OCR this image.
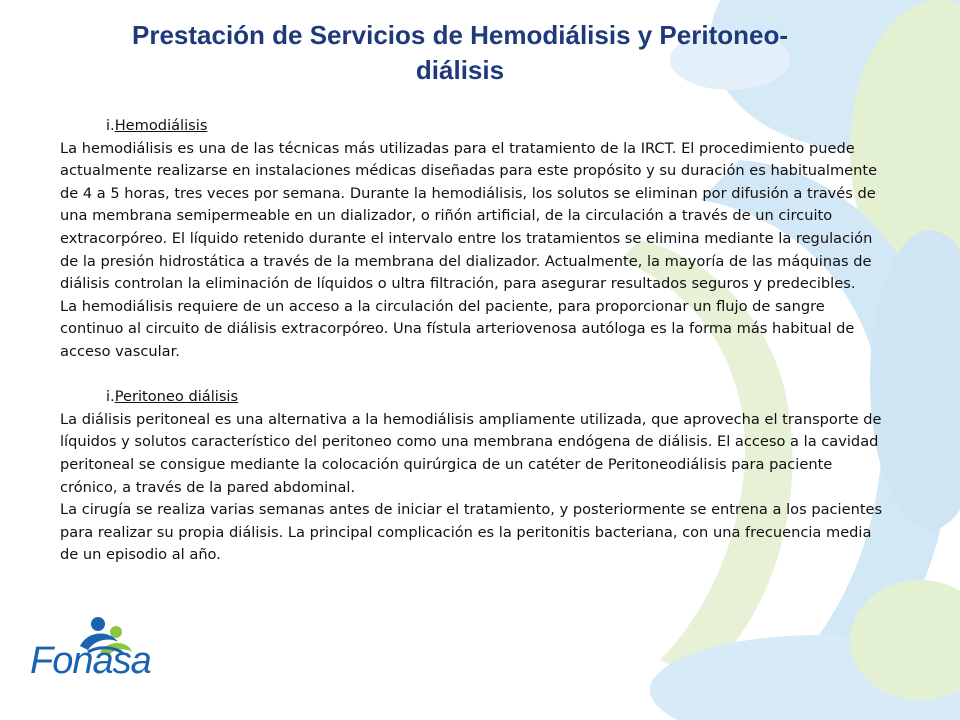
Prestación de Servicios de Hemodiálisis y Peritoneo-diálisis

i.Hemodiálisis

La hemodiálisis es una de las técnicas más utilizadas para el tratamiento de la IRCT. El procedimiento puede actualmente realizarse en instalaciones médicas diseñadas para este propósito y su duración es habitualmente de 4 a 5 horas, tres veces por semana. Durante la hemodiálisis, los solutos se eliminan por difusión a través de una membrana semipermeable en un dializador, o riñón artificial, de la circulación a través de un circuito extracorpóreo. El líquido retenido durante el intervalo entre los tratamientos se elimina mediante la regulación de la presión hidrostática a través de la membrana del dializador. Actualmente, la mayoría de las máquinas de diálisis controlan la eliminación de líquidos o ultra filtración, para asegurar resultados seguros y predecibles.

La hemodiálisis requiere de un acceso a la circulación del paciente, para proporcionar un flujo de sangre continuo al circuito de diálisis extracorpóreo. Una fístula arteriovenosa autóloga es la forma más habitual de acceso vascular.

i.Peritoneo diálisis

La diálisis peritoneal es una alternativa a la hemodiálisis ampliamente utilizada, que aprovecha el transporte de líquidos y solutos característico del peritoneo como una membrana endógena de diálisis. El acceso a la cavidad peritoneal se consigue mediante la colocación quirúrgica de un catéter de Peritoneodiálisis para paciente crónico, a través de la pared abdominal.

La cirugía se realiza varias semanas antes de iniciar el tratamiento, y posteriormente se entrena a los pacientes para realizar su propia diálisis. La principal complicación es la peritonitis bacteriana, con una frecuencia media de un episodio al año.

Fonasa
